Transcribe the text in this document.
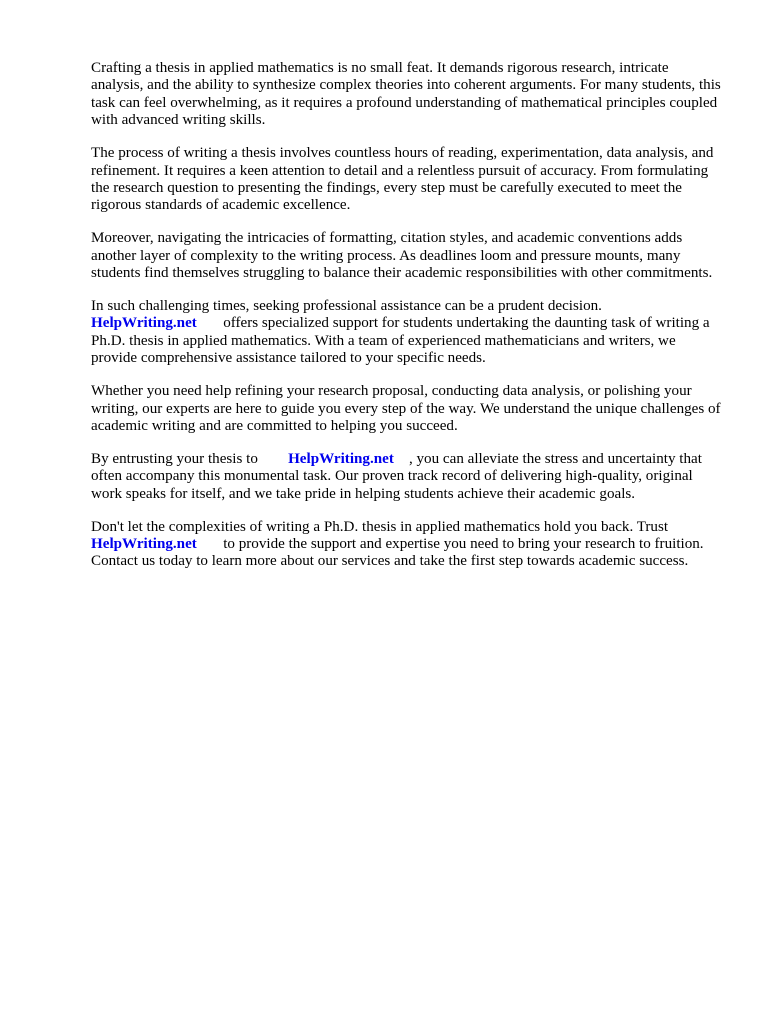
Crafting a thesis in applied mathematics is no small feat. It demands rigorous research, intricate analysis, and the ability to synthesize complex theories into coherent arguments. For many students, this task can feel overwhelming, as it requires a profound understanding of mathematical principles coupled with advanced writing skills.

The process of writing a thesis involves countless hours of reading, experimentation, data analysis, and refinement. It requires a keen attention to detail and a relentless pursuit of accuracy. From formulating the research question to presenting the findings, every step must be carefully executed to meet the rigorous standards of academic excellence.

Moreover, navigating the intricacies of formatting, citation styles, and academic conventions adds another layer of complexity to the writing process. As deadlines loom and pressure mounts, many students find themselves struggling to balance their academic responsibilities with other commitments.

In such challenging times, seeking professional assistance can be a prudent decision.
HelpWriting.net offers specialized support for students undertaking the daunting task of writing a Ph.D. thesis in applied mathematics. With a team of experienced mathematicians and writers, we provide comprehensive assistance tailored to your specific needs.

Whether you need help refining your research proposal, conducting data analysis, or polishing your writing, our experts are here to guide you every step of the way. We understand the unique challenges of academic writing and are committed to helping you succeed.

By entrusting your thesis to HelpWriting.net , you can alleviate the stress and uncertainty that often accompany this monumental task. Our proven track record of delivering high-quality, original work speaks for itself, and we take pride in helping students achieve their academic goals.

Don't let the complexities of writing a Ph.D. thesis in applied mathematics hold you back. Trust
HelpWriting.net to provide the support and expertise you need to bring your research to fruition. Contact us today to learn more about our services and take the first step towards academic success.
